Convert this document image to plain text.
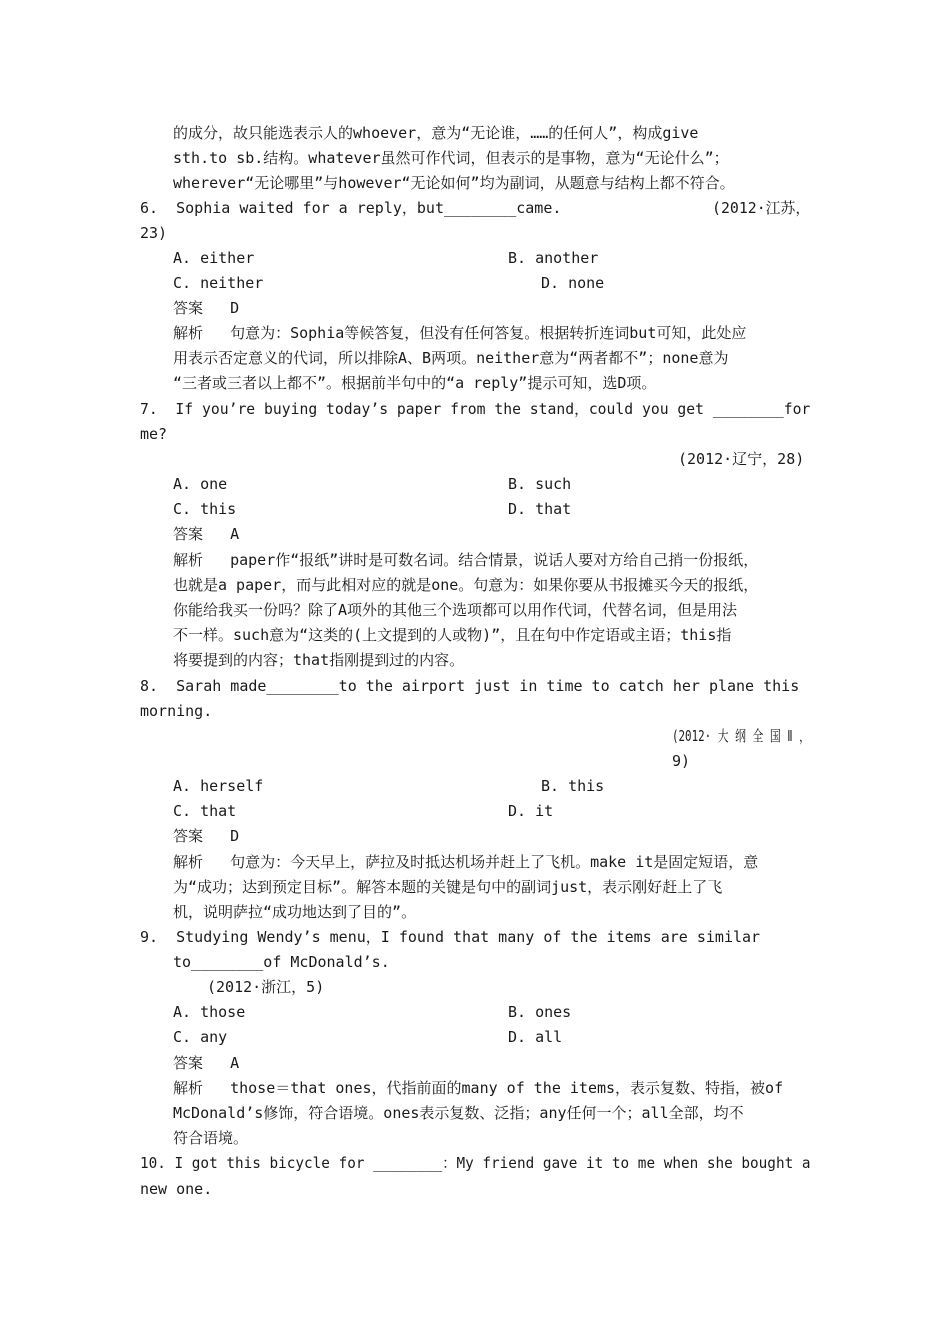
的成分，故只能选表示人的whoever，意为“无论谁，……的任何人”，构成give
sth.to sb.结构。whatever虽然可作代词，但表示的是事物，意为“无论什么”；
wherever“无论哪里”与however“无论如何”均为副词，从题意与结构上都不符合。
6.  Sophia waited for a reply，but________came.	(2012·江苏，
23)
A. either	B. another
C. neither	D. none
答案   D
解析   句意为：Sophia等候答复，但没有任何答复。根据转折连词but可知，此处应
用表示否定意义的代词，所以排除A、B两项。neither意为“两者都不”；none意为
“三者或三者以上都不”。根据前半句中的“a reply”提示可知，选D项。
7.  If you’re buying today’s paper from the stand，could you get ________for
me?
(2012·辽宁，28)
A. one	B. such
C. this	D. that
答案   A
解析   paper作“报纸”讲时是可数名词。结合情景，说话人要对方给自己捎一份报纸，
也就是a paper，而与此相对应的就是one。句意为：如果你要从书报摊买今天的报纸，
你能给我买一份吗？除了A项外的其他三个选项都可以用作代词，代替名词，但是用法
不一样。such意为“这类的(上文提到的人或物)”，且在句中作定语或主语；this指
将要提到的内容；that指刚提到过的内容。
8.  Sarah made________to the airport just in time to catch her plane this
morning.
(2012· 大 纲 全 国 Ⅱ ，
9)
A. herself	B. this
C. that	D. it
答案   D
解析   句意为：今天早上，萨拉及时抵达机场并赶上了飞机。make it是固定短语，意
为“成功；达到预定目标”。解答本题的关键是句中的副词just，表示刚好赶上了飞
机，说明萨拉“成功地达到了目的”。
9.  Studying Wendy’s menu，I found that many of the items are similar
to________of McDonald’s.
(2012·浙江，5)
A. those	B. ones
C. any	D. all
答案   A
解析   those＝that ones，代指前面的many of the items，表示复数、特指，被of
McDonald’s修饰，符合语境。ones表示复数、泛指；any任何一个；all全部，均不
符合语境。
10. I got this bicycle for ________：My friend gave it to me when she bought a
new one.
